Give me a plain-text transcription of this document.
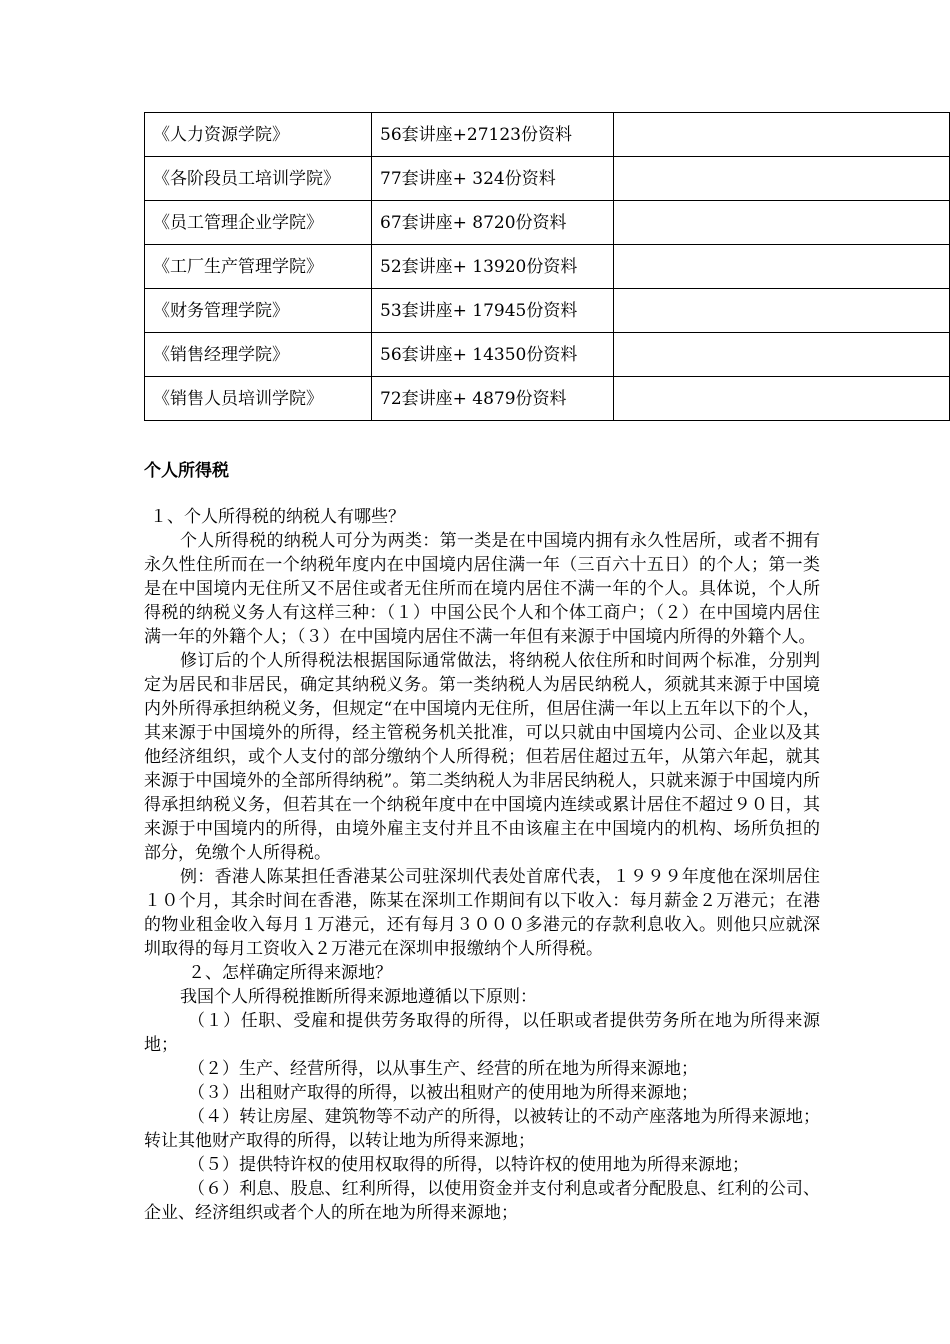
《人力资源学院》	56套讲座+27123份资料	

《各阶段员工培训学院》	77套讲座+ 324份资料	
《员工管理企业学院》	67套讲座+ 8720份资料	
《工厂生产管理学院》	52套讲座+ 13920份资料	
《财务管理学院》	53套讲座+ 17945份资料	

《销售经理学院》	56套讲座+ 14350份资料	
《销售人员培训学院》	72套讲座+ 4879份资料	
个人所得税

１、个人所得税的纳税人有哪些？

个人所得税的纳税人可分为两类：第一类是在中国境内拥有永久性居所，或者不拥有永久性住所而在一个纳税年度内在中国境内居住满一年（三百六十五日）的个人；第一类是在中国境内无住所又不居住或者无住所而在境内居住不满一年的个人。具体说，个人所得税的纳税义务人有这样三种：（１）中国公民个人和个体工商户；（２）在中国境内居住满一年的外籍个人；（３）在中国境内居住不满一年但有来源于中国境内所得的外籍个人。

修订后的个人所得税法根据国际通常做法，将纳税人依住所和时间两个标准，分别判定为居民和非居民，确定其纳税义务。第一类纳税人为居民纳税人，须就其来源于中国境内外所得承担纳税义务，但规定“在中国境内无住所，但居住满一年以上五年以下的个人，其来源于中国境外的所得，经主管税务机关批准，可以只就由中国境内公司、企业以及其他经济组织，或个人支付的部分缴纳个人所得税；但若居住超过五年，从第六年起，就其来源于中国境外的全部所得纳税”。第二类纳税人为非居民纳税人，只就来源于中国境内所得承担纳税义务，但若其在一个纳税年度中在中国境内连续或累计居住不超过９０日，其来源于中国境内的所得，由境外雇主支付并且不由该雇主在中国境内的机构、场所负担的部分，免缴个人所得税。

例：香港人陈某担任香港某公司驻深圳代表处首席代表，１９９９年度他在深圳居住１０个月，其余时间在香港，陈某在深圳工作期间有以下收入：每月薪金２万港元；在港的物业租金收入每月１万港元，还有每月３０００多港元的存款利息收入。则他只应就深圳取得的每月工资收入２万港元在深圳申报缴纳个人所得税。

２、怎样确定所得来源地？

我国个人所得税推断所得来源地遵循以下原则：

（１）任职、受雇和提供劳务取得的所得，以任职或者提供劳务所在地为所得来源地；

（２）生产、经营所得，以从事生产、经营的所在地为所得来源地；

（３）出租财产取得的所得，以被出租财产的使用地为所得来源地；

（４）转让房屋、建筑物等不动产的所得，以被转让的不动产座落地为所得来源地；转让其他财产取得的所得，以转让地为所得来源地；

（５）提供特许权的使用权取得的所得，以特许权的使用地为所得来源地；

（６）利息、股息、红利所得，以使用资金并支付利息或者分配股息、红利的公司、企业、经济组织或者个人的所在地为所得来源地；
